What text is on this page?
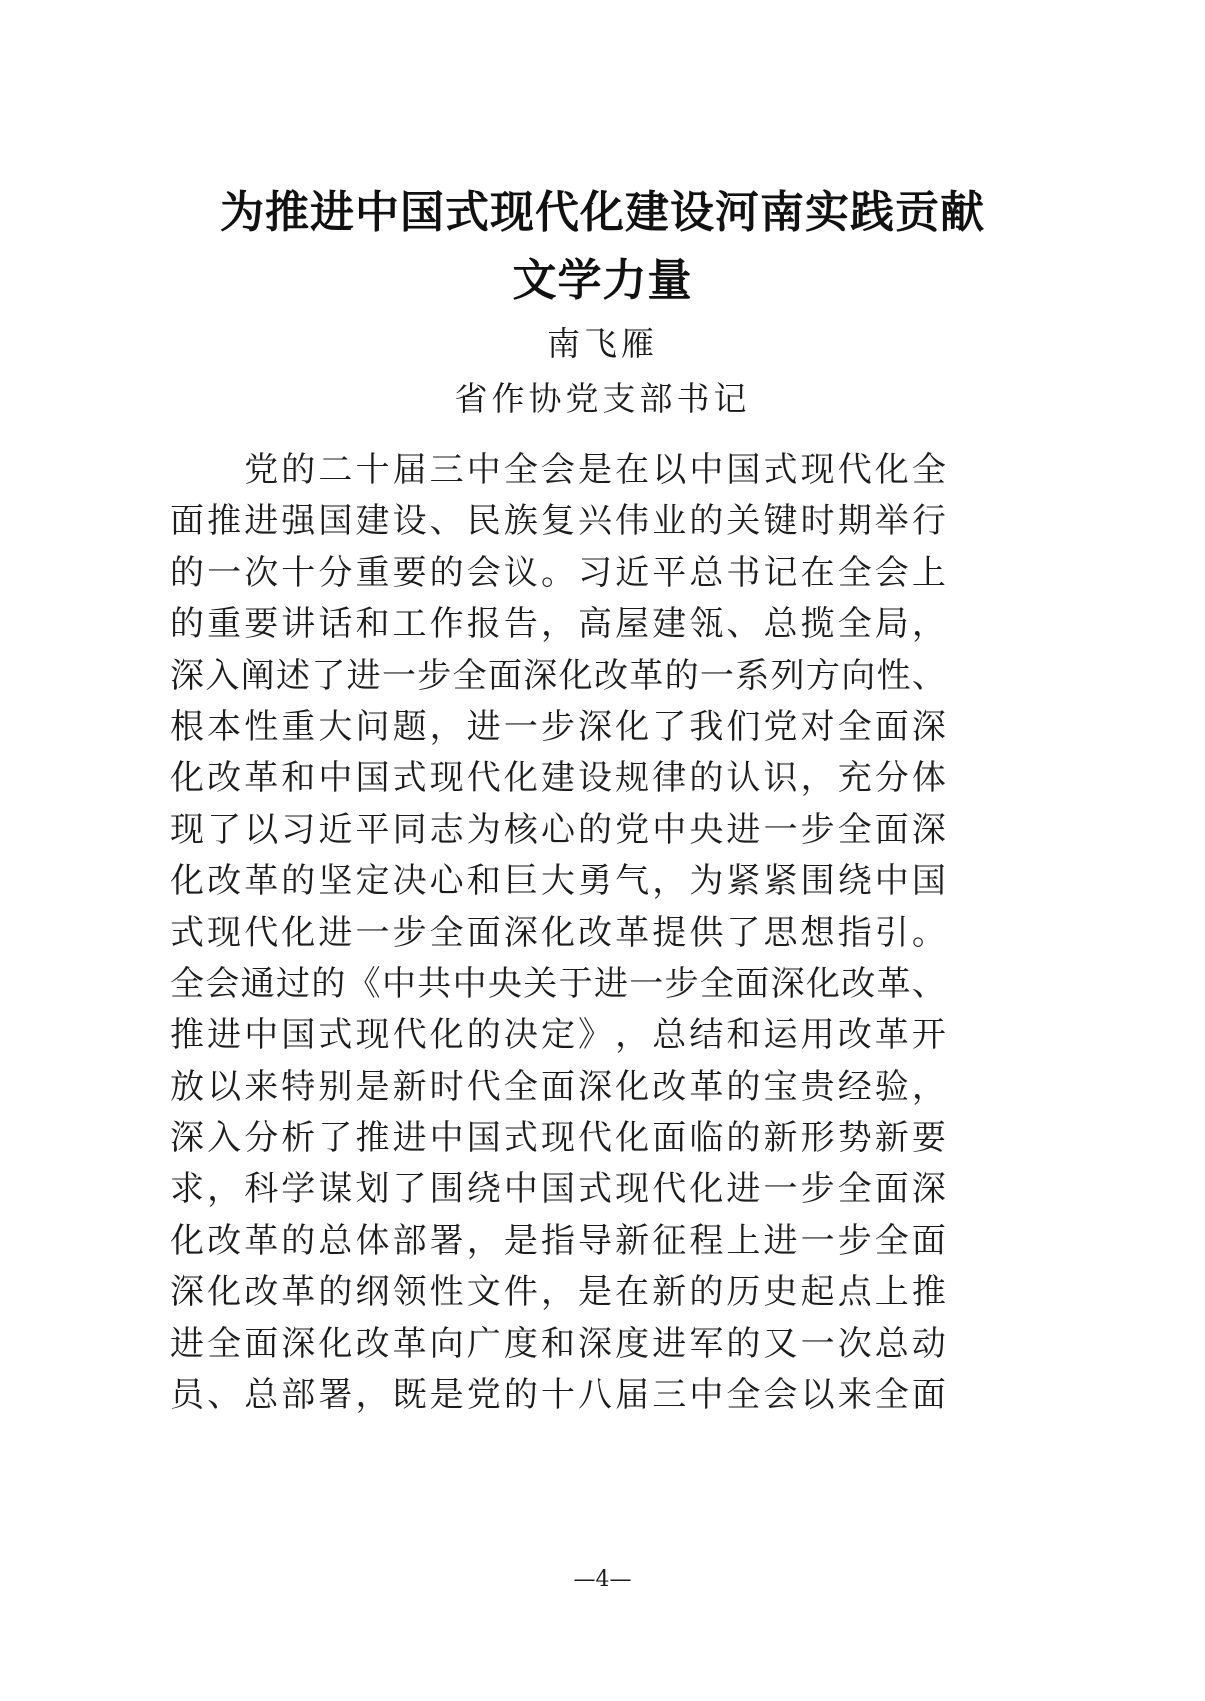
为推进中国式现代化建设河南实践贡献
文学力量
南飞雁
省作协党支部书记

党 的 二 十 届 三 中 全 会 是 在 以 中 国 式 现 代 化 全
面 推 进 强 国 建 设 、 民 族 复 兴 伟 业 的 关 键 时 期 举 行
的 一 次 十 分 重 要 的 会 议 。 习 近 平 总 书 记 在 全 会 上
的 重 要 讲 话 和 工 作 报 告 ， 高 屋 建 瓴 、 总 揽 全 局 ，
深 入 阐 述 了 进 一 步 全 面 深 化 改 革 的 一 系 列 方 向 性 、
根 本 性 重 大 问 题 ， 进 一 步 深 化 了 我 们 党 对 全 面 深
化 改 革 和 中 国 式 现 代 化 建 设 规 律 的 认 识 ， 充 分 体
现 了 以 习 近 平 同 志 为 核 心 的 党 中 央 进 一 步 全 面 深
化 改 革 的 坚 定 决 心 和 巨 大 勇 气 ， 为 紧 紧 围 绕 中 国
式 现 代 化 进 一 步 全 面 深 化 改 革 提 供 了 思 想 指 引 。
全 会 通 过 的 《 中 共 中 央 关 于 进 一 步 全 面 深 化 改 革 、
推 进 中 国 式 现 代 化 的 决 定 》 ， 总 结 和 运 用 改 革 开
放 以 来 特 别 是 新 时 代 全 面 深 化 改 革 的 宝 贵 经 验 ，
深 入 分 析 了 推 进 中 国 式 现 代 化 面 临 的 新 形 势 新 要
求 ， 科 学 谋 划 了 围 绕 中 国 式 现 代 化 进 一 步 全 面 深
化 改 革 的 总 体 部 署 ， 是 指 导 新 征 程 上 进 一 步 全 面
深 化 改 革 的 纲 领 性 文 件 ， 是 在 新 的 历 史 起 点 上 推
进 全 面 深 化 改 革 向 广 度 和 深 度 进 军 的 又 一 次 总 动
员 、 总 部 署 ， 既 是 党 的 十 八 届 三 中 全 会 以 来 全 面
—4—
